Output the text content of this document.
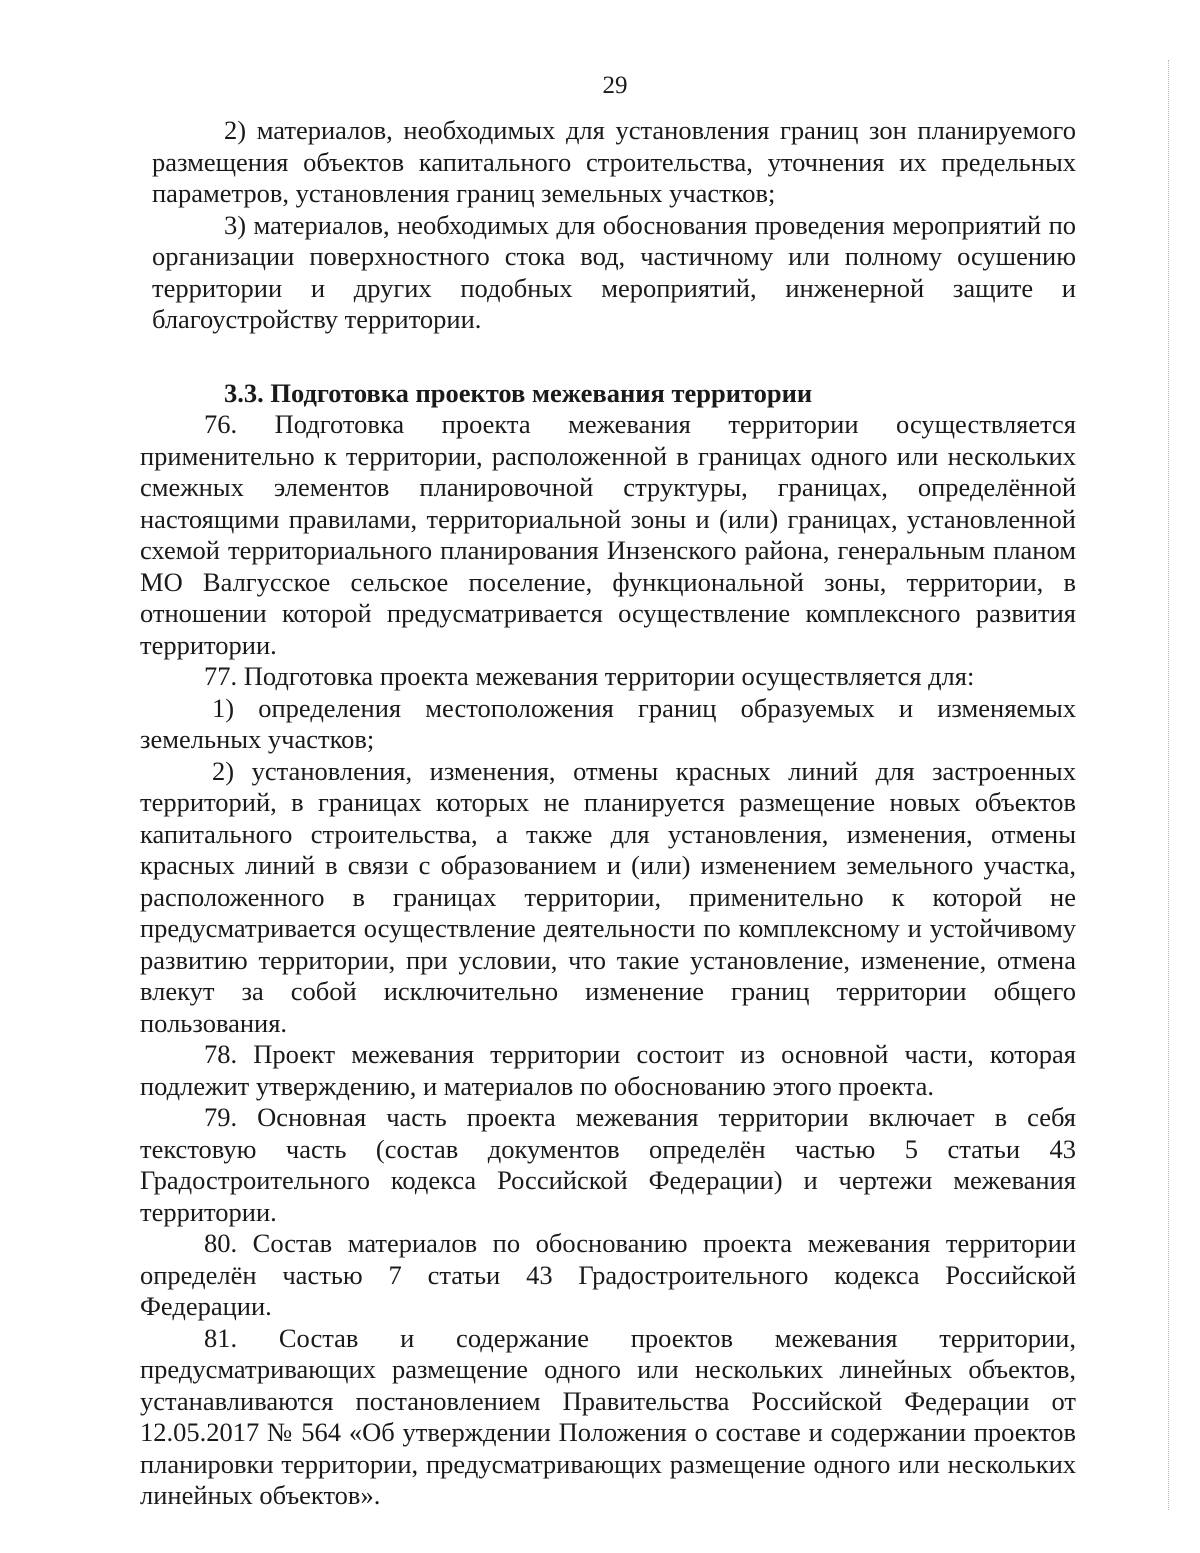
29

2) материалов, необходимых для установления границ зон планируемого размещения объектов капитального строительства, уточнения их предельных параметров, установления границ земельных участков;

3) материалов, необходимых для обоснования проведения мероприятий по организации поверхностного стока вод, частичному или полному осушению территории и других подобных мероприятий, инженерной защите и благоустройству территории.

3.3. Подготовка проектов межевания территории

76. Подготовка проекта межевания территории осуществляется применительно к территории, расположенной в границах одного или нескольких смежных элементов планировочной структуры, границах, определённой настоящими правилами, территориальной зоны и (или) границах, установленной схемой территориального планирования Инзенского района, генеральным планом МО Валгусское сельское поселение, функциональной зоны, территории, в отношении которой предусматривается осуществление комплексного развития территории.

77. Подготовка проекта межевания территории осуществляется для:

1) определения местоположения границ образуемых и изменяемых земельных участков;

2) установления, изменения, отмены красных линий для застроенных территорий, в границах которых не планируется размещение новых объектов капитального строительства, а также для установления, изменения, отмены красных линий в связи с образованием и (или) изменением земельного участка, расположенного в границах территории, применительно к которой не предусматривается осуществление деятельности по комплексному и устойчивому развитию территории, при условии, что такие установление, изменение, отмена влекут за собой исключительно изменение границ территории общего пользования.

78. Проект межевания территории состоит из основной части, которая подлежит утверждению, и материалов по обоснованию этого проекта.

79. Основная часть проекта межевания территории включает в себя текстовую часть (состав документов определён частью 5 статьи 43 Градостроительного кодекса Российской Федерации) и чертежи межевания территории.

80. Состав материалов по обоснованию проекта межевания территории определён частью 7 статьи 43 Градостроительного кодекса Российской Федерации.

81. Состав и содержание проектов межевания территории, предусматривающих размещение одного или нескольких линейных объектов, устанавливаются постановлением Правительства Российской Федерации от 12.05.2017 № 564 «Об утверждении Положения о составе и содержании проектов планировки территории, предусматривающих размещение одного или нескольких линейных объектов».
